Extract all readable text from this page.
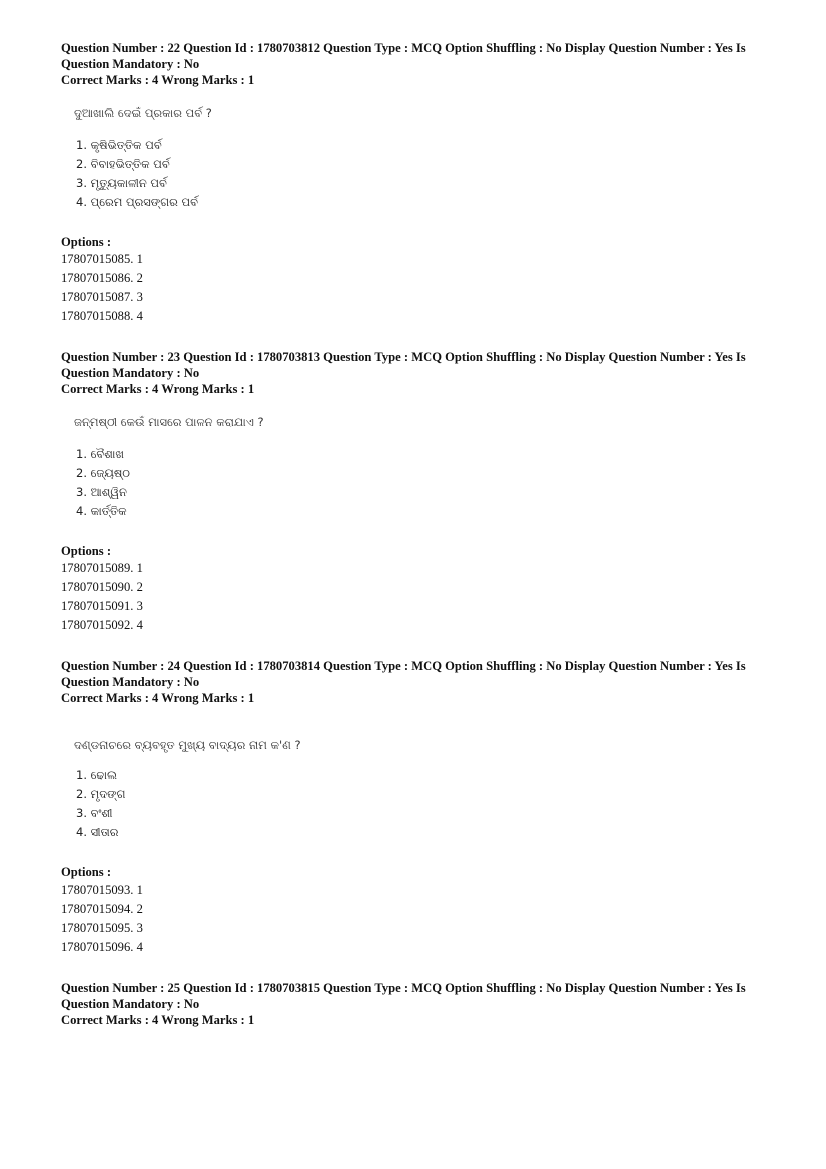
Question Number : 22 Question Id : 1780703812 Question Type : MCQ Option Shuffling : No Display Question Number : Yes Is

Question Mandatory : No

Correct Marks : 4 Wrong Marks : 1

ଦୁଆଖାଲି ଦେଇଁ ପ୍ରକାର ପର୍ବ ?

1. କୃଷିଭିତ୍ତିକ ପର୍ବ
2. ବିବାହଭିତ୍ତିକ ପର୍ବ
3. ମୃତ୍ୟୁକାଳୀନ ପର୍ବ
4. ପ୍ରେମ ପ୍ରସଙ୍ଗର ପର୍ବ

Options :

17807015085. 1
17807015086. 2
17807015087. 3
17807015088. 4

Question Number : 23 Question Id : 1780703813 Question Type : MCQ Option Shuffling : No Display Question Number : Yes Is

Question Mandatory : No

Correct Marks : 4 Wrong Marks : 1

ଜନ୍ମଷ୍ଠୀ କେଉଁ ମାସରେ ପାଳନ କରାଯାଏ ?

1. ବୈଶାଖ
2. ଜ୍ୟେଷ୍ଠ
3. ଆଶ୍ୱିନ
4. କାର୍ତ୍ତିକ

Options :

17807015089. 1
17807015090. 2
17807015091. 3
17807015092. 4

Question Number : 24 Question Id : 1780703814 Question Type : MCQ Option Shuffling : No Display Question Number : Yes Is

Question Mandatory : No

Correct Marks : 4 Wrong Marks : 1

ଦଣ୍ଡନାଚରେ ବ୍ୟବହୃତ ମୁଖ୍ୟ ବାଦ୍ୟର ନାମ କ'ଣ ?

1. ଢୋଲ
2. ମୃଦଙ୍ଗ
3. ବଂଶୀ
4. ସୀତାର

Options :

17807015093. 1
17807015094. 2
17807015095. 3
17807015096. 4

Question Number : 25 Question Id : 1780703815 Question Type : MCQ Option Shuffling : No Display Question Number : Yes Is

Question Mandatory : No

Correct Marks : 4 Wrong Marks : 1
